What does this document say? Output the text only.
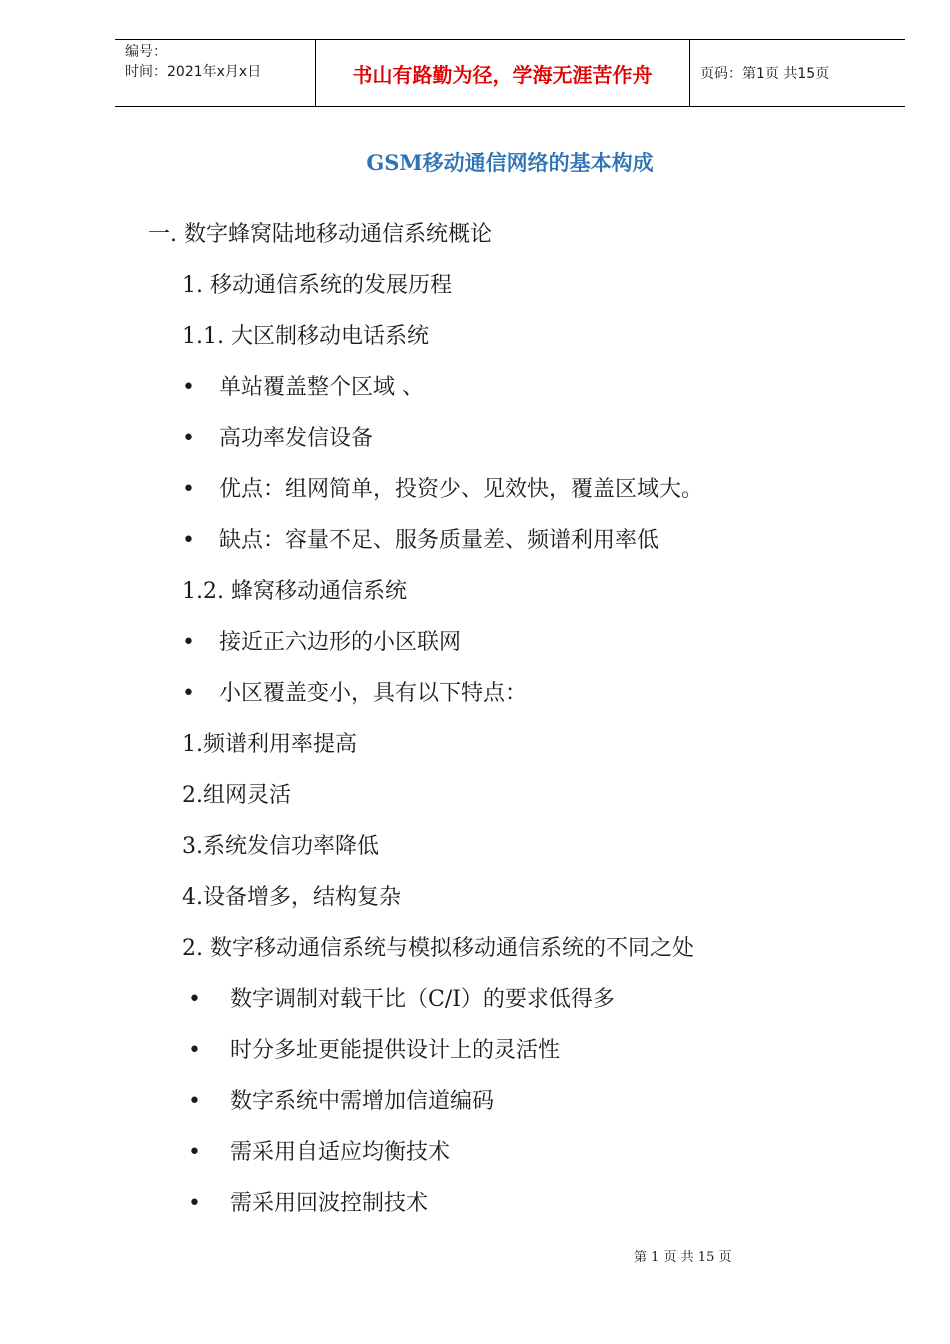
编号：
时间：2021年x月x日	书山有路勤为径，学海无涯苦作舟	页码：第1页 共15页
GSM移动通信网络的基本构成
一. 数字蜂窝陆地移动通信系统概论
1. 移动通信系统的发展历程
1.1. 大区制移动电话系统
• 单站覆盖整个区域 、
• 高功率发信设备
• 优点：组网简单，投资少、见效快，覆盖区域大。
• 缺点：容量不足、服务质量差、频谱利用率低
1.2. 蜂窝移动通信系统
• 接近正六边形的小区联网
• 小区覆盖变小，具有以下特点：
1.频谱利用率提高
2.组网灵活
3.系统发信功率降低
4.设备增多，结构复杂
2. 数字移动通信系统与模拟移动通信系统的不同之处
• 数字调制对载干比（C/I）的要求低得多
• 时分多址更能提供设计上的灵活性
• 数字系统中需增加信道编码
• 需采用自适应均衡技术
• 需采用回波控制技术
第 1 页 共 15 页
